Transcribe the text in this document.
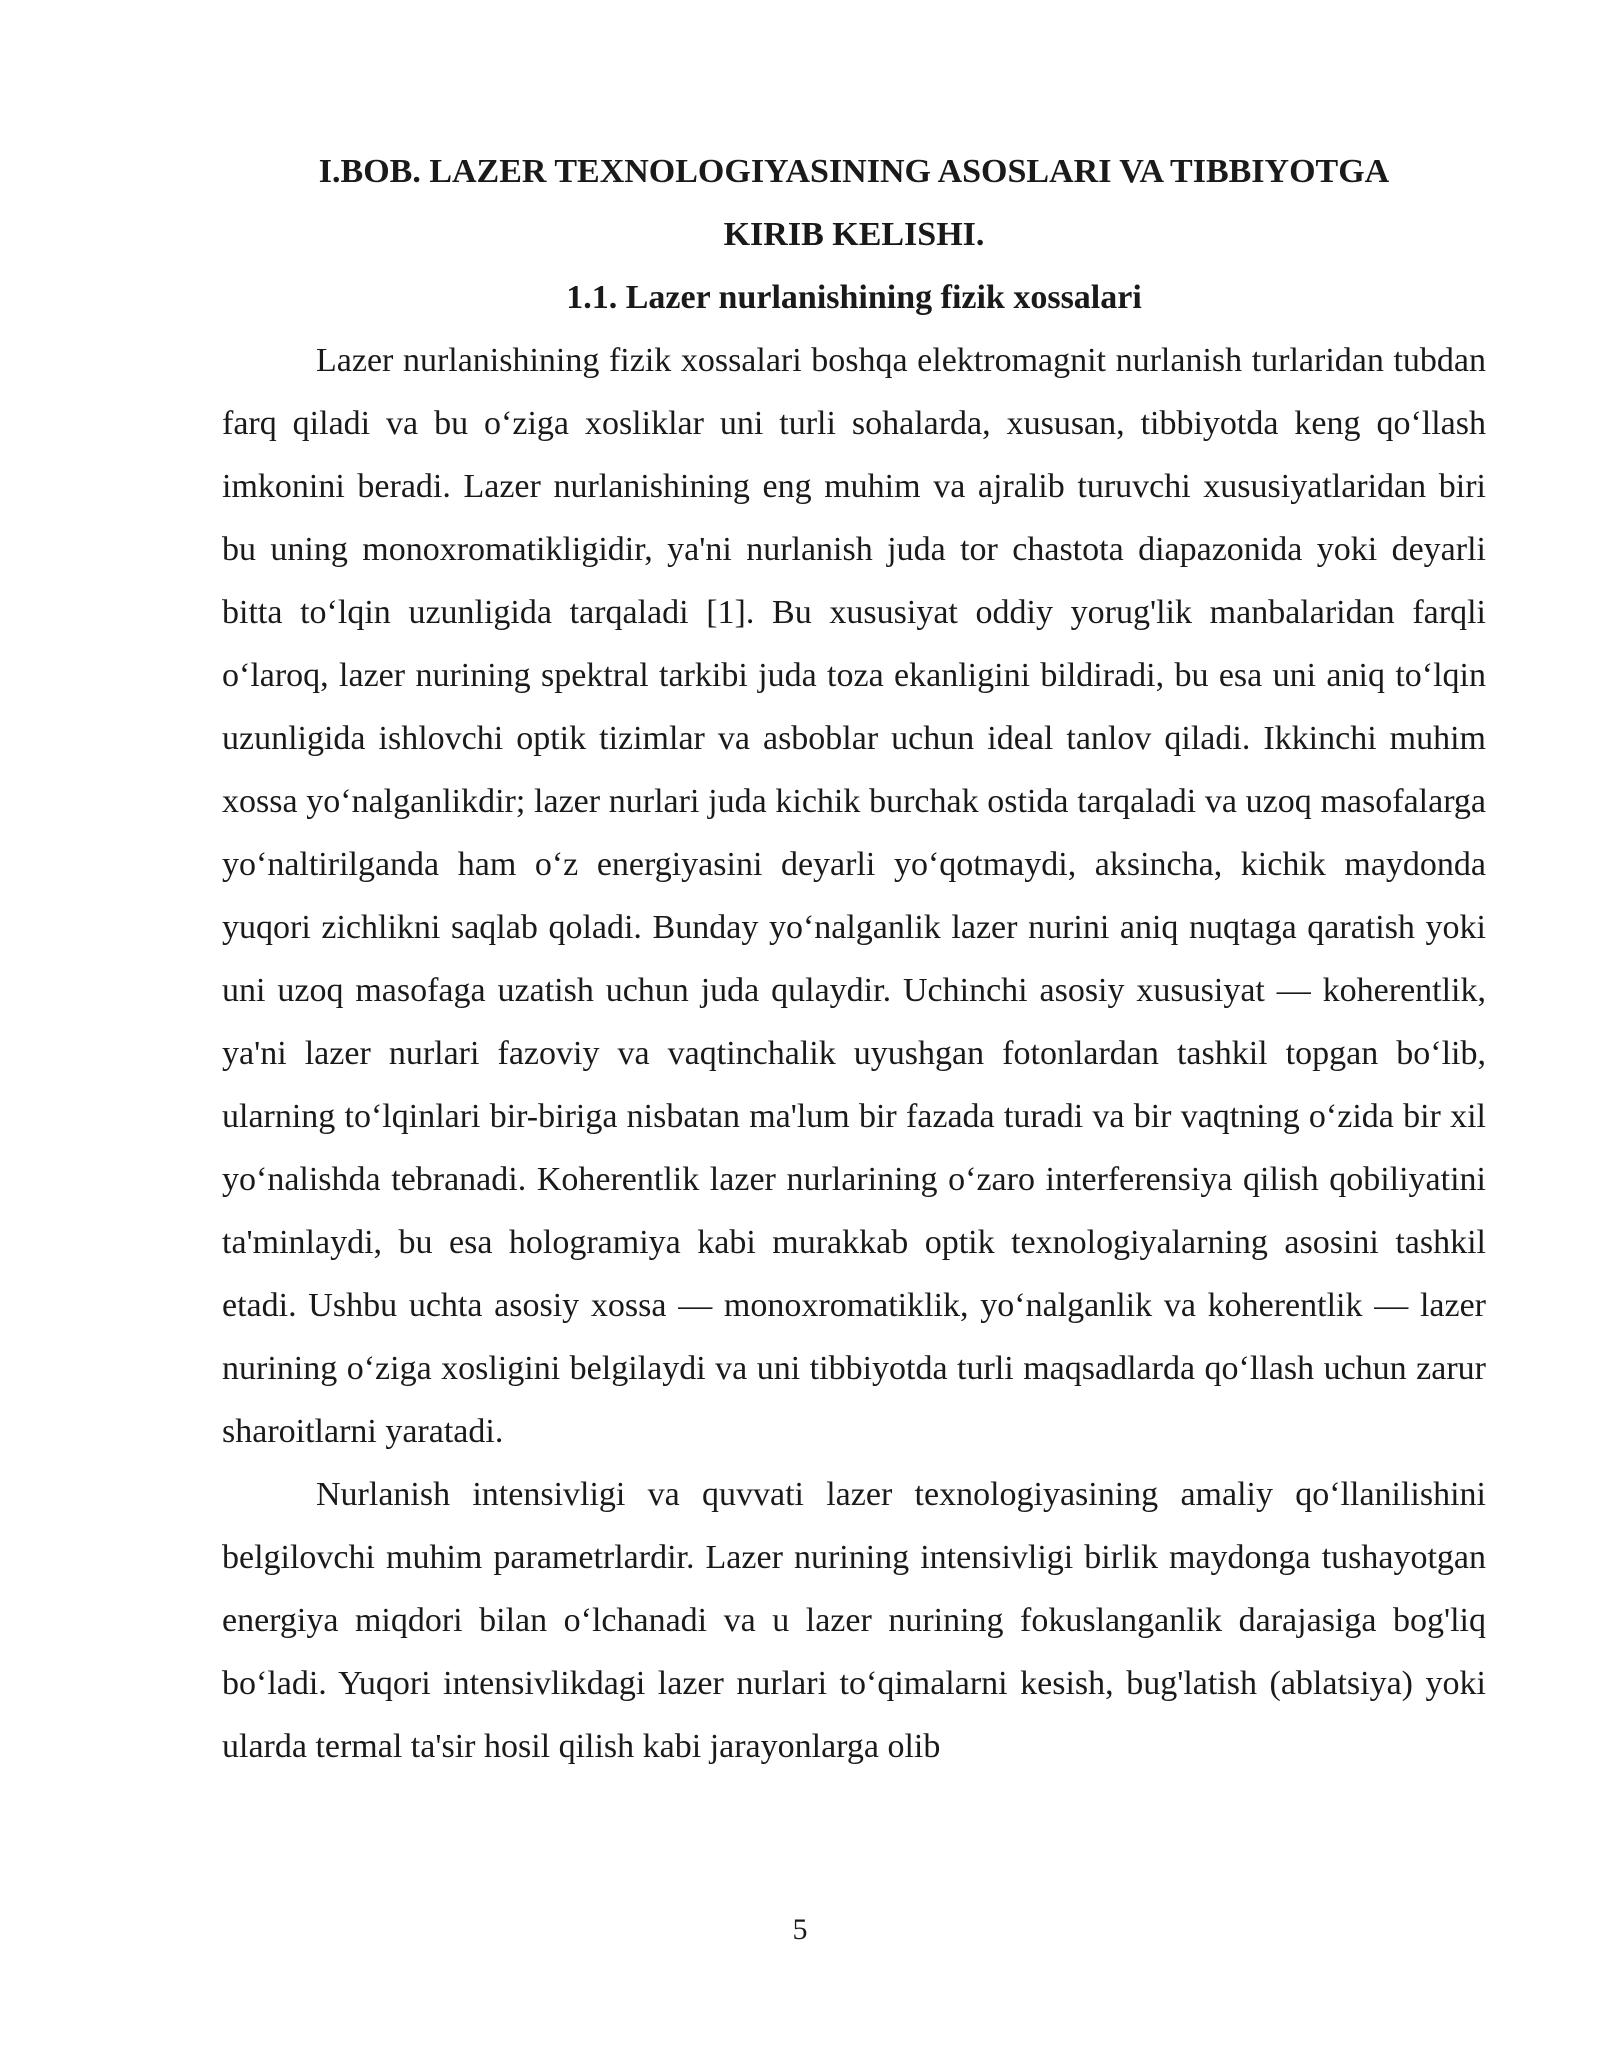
I.BOB. LAZER TEXNOLOGIYASINING ASOSLARI VA TIBBIYOTGA
KIRIB KELISHI.
1.1. Lazer nurlanishining fizik xossalari

Lazer nurlanishining fizik xossalari boshqa elektromagnit nurlanish turlaridan tubdan farq qiladi va bu o‘ziga xosliklar uni turli sohalarda, xususan, tibbiyotda keng qo‘llash imkonini beradi. Lazer nurlanishining eng muhim va ajralib turuvchi xususiyatlaridan biri bu uning monoxromatikligidir, ya'ni nurlanish juda tor chastota diapazonida yoki deyarli bitta to‘lqin uzunligida tarqaladi [1]. Bu xususiyat oddiy yorug'lik manbalaridan farqli o‘laroq, lazer nurining spektral tarkibi juda toza ekanligini bildiradi, bu esa uni aniq to‘lqin uzunligida ishlovchi optik tizimlar va asboblar uchun ideal tanlov qiladi. Ikkinchi muhim xossa yo‘nalganlikdir; lazer nurlari juda kichik burchak ostida tarqaladi va uzoq masofalarga yo‘naltirilganda ham o‘z energiyasini deyarli yo‘qotmaydi, aksincha, kichik maydonda yuqori zichlikni saqlab qoladi. Bunday yo‘nalganlik lazer nurini aniq nuqtaga qaratish yoki uni uzoq masofaga uzatish uchun juda qulaydir. Uchinchi asosiy xususiyat — koherentlik, ya'ni lazer nurlari fazoviy va vaqtinchalik uyushgan fotonlardan tashkil topgan bo‘lib, ularning to‘lqinlari bir-biriga nisbatan ma'lum bir fazada turadi va bir vaqtning o‘zida bir xil yo‘nalishda tebranadi. Koherentlik lazer nurlarining o‘zaro interferensiya qilish qobiliyatini ta'minlaydi, bu esa hologramiya kabi murakkab optik texnologiyalarning asosini tashkil etadi. Ushbu uchta asosiy xossa — monoxromatiklik, yo‘nalganlik va koherentlik — lazer nurining o‘ziga xosligini belgilaydi va uni tibbiyotda turli maqsadlarda qo‘llash uchun zarur sharoitlarni yaratadi.

Nurlanish intensivligi va quvvati lazer texnologiyasining amaliy qo‘llanilishini belgilovchi muhim parametrlardir. Lazer nurining intensivligi birlik maydonga tushayotgan energiya miqdori bilan o‘lchanadi va u lazer nurining fokuslanganlik darajasiga bog'liq bo‘ladi. Yuqori intensivlikdagi lazer nurlari to‘qimalarni kesish, bug'latish (ablatsiya) yoki ularda termal ta'sir hosil qilish kabi jarayonlarga olib

5
